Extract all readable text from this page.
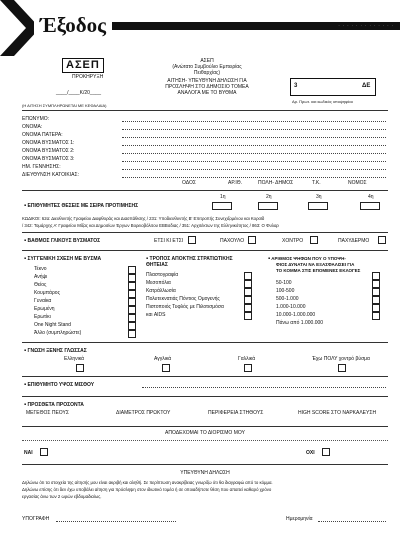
Έξοδος	· · · · · · · · · · · · ·
ΑΣΕΠ
ΠΡΟΚΗΡΥΞΗ
____/____Κ/20____
(Η ΑΙΤΗΣΗ ΣΥΜΠΛΗΡΩΝΕΤΑΙ ΜΕ ΚΕΦΑΛΑΙΑ)
ΑΣΕΠ
(Ανώτατο Συμβούλιο Εμπειρίας
Πειθαρχίας)
ΑΙΤΗΣΗ- ΥΠΕΥΘΥΝΗ ΔΗΛΩΣΗ ΓΙΑ
ΠΡΟΣΛΗΨΗ ΣΤΟ ΔΗΜΟΣΙΟ ΤΟΜΕΑ
ΑΝΑΛΟΓΑ ΜΕ ΤΟ ΒΥΘΜΑ
3	ΔΕ
Αρ. Πρωτ. και κωδικός υποψηφίου
ΕΠΩΝΥΜΟ:
ΟΝΟΜΑ:
ΟΝΟΜΑ ΠΑΤΕΡΑ:
ΟΝΟΜΑ ΒΥΣΜΑΤΟΣ 1:
ΟΝΟΜΑ ΒΥΣΜΑΤΟΣ 2:
ΟΝΟΜΑ ΒΥΣΜΑΤΟΣ 3:
ΗΜ. ΓΕΝΝΗΣΗΣ:
ΔΙΕΥΘΥΝΣΗ ΚΑΤΟΙΚΙΑΣ:
ΟΔΟΣ	ΑΡ.ΙΘ.	ΠΟΛΗ- ΔΗΜΟΣ	Τ.Κ.	ΝΟΜΟΣ
1η	2η	3η	4η
▪ ΕΠΙΘΥΜΗΤΕΣ ΘΕΣΕΙΣ ΜΕ ΣΕΙΡΑ ΠΡΟΤΙΜΗΣΗΣ
ΚΩΔΙΚΟΙ: 62α: Διευθυντής Γραφείου Διαφθοράς και Διασπάθισης / 231: Υποδιευθυντής Β' Επιτροπής Συνεχιζομένου και Κοροϊδ
/ 342: Τομάρχης Α' Γραφείου Μίζας και Δημοσίων Έργων Βορειοβόλιτου ΕΒΒσδιας / 351: Αρχιτέκτων της Ελληνικότητος / 863: Ο Φυλαρ
▪ ΒΑΘΜΟΣ ΓΛΙΚΟΥΣ ΒΥΣΜΑΤΟΣ	ΕΤΣΙ ΚΙ ΕΤΣΙ	ΠΑΧΟΥΛΟ	ΧΟΝΤΡΟ	ΠΑΧΥΔΕΡΜΟ
▪ ΣΥΓΓΕΝΙΚΗ ΣΧΕΣΗ ΜΕ ΒΥΣΜΑ
Τέκνο
Ανήψι
Θείος
Κουμπάρος
Γυναίκα
Ερωμένη
Ερωτίκι
One Night Stand
Άλλο (συμπληρώστε)
▪ ΤΡΟΠΟΣ ΑΠΟΚΤΗΣ ΣΤΡΑΤΙΩΤΙΚΗΣ
ΘΗΤΕΙΑΣ
Πλαστογραφία
Μεσοπόλια
Κατράλλωσία
Πολυτεκνατιάς Πόντιος Ομογενής
Πιστοποιός Τυφλός με Πιλοτισμόσα
και AIDS
▪ ΑΡΙΘΜΟΣ ΨΗΦΩΝ ΠΟΥ Ο ΥΠΟΨΗ-
ΦΙΟΣ ΔΥΝΑΤΑΙ ΝΑ ΕΞΑΣΦΑΛΙΣΕΙ ΓΙΑ
ΤΟ ΚΟΜΜΑ ΣΤΙΣ ΕΠΟΜΕΝΕΣ ΕΚΛΟΓΕΣ
50-100
100-500
500-1.000
1.000-10.000
10.000-1.000.000
Πάνω από 1.000.000
▪ ΓΝΩΣΗ ΞΕΝΗΣ ΓΛΩΣΣΑΣ
Ελληνικά	Αγγλικά	Γαλλικά	Έχω ΠΟΛΥ χοντρό βύσμα
▪ ΕΠΙΘΥΜΗΤΟ ΥΨΟΣ ΜΙΣΘΟΥ
▪ ΠΡΟΣΘΕΤΑ ΠΡΟΣΟΝΤΑ
ΜΕΓΕΘΟΣ ΠΕΟΥΣ	ΔΙΑΜΕΤΡΟΣ ΠΡΩΚΤΟΥ	ΠΕΡΙΦΕΡΕΙΑ ΣΤΗΘΟΥΣ	HIGH SCORE ΣΤΟ ΝΑΡΚΑΛΕΥΣΗ
ΑΠΟΔΕΧΟΜΑΙ ΤΟ ΔΙΟΡΙΣΜΟ ΜΟΥ
ΝΑΙ	ΟΧΙ
ΥΠΕΥΘΥΝΗ ΔΗΛΩΣΗ
Δηλώνω ότι τα στοιχεία της αίτησής μου είναι ακριβή και αληθή. Σε περίπτωση ανακρίβειας γνωρίζω ότι θα διαγραφώ από το κόμμα.
Δηλώνω επίσης ότι δεν έχω υποβάλει αίτηση για πρόσληψη στον ιδιωτικό τομέα ή σε οποιαδήποτε θέση που απαιτεί καθαρό χρόνο
εργασίας άνω των 2 ωρών εβδομαδιαίως.
ΥΠΟΓΡΑΦΗ	Ημερομηνία
